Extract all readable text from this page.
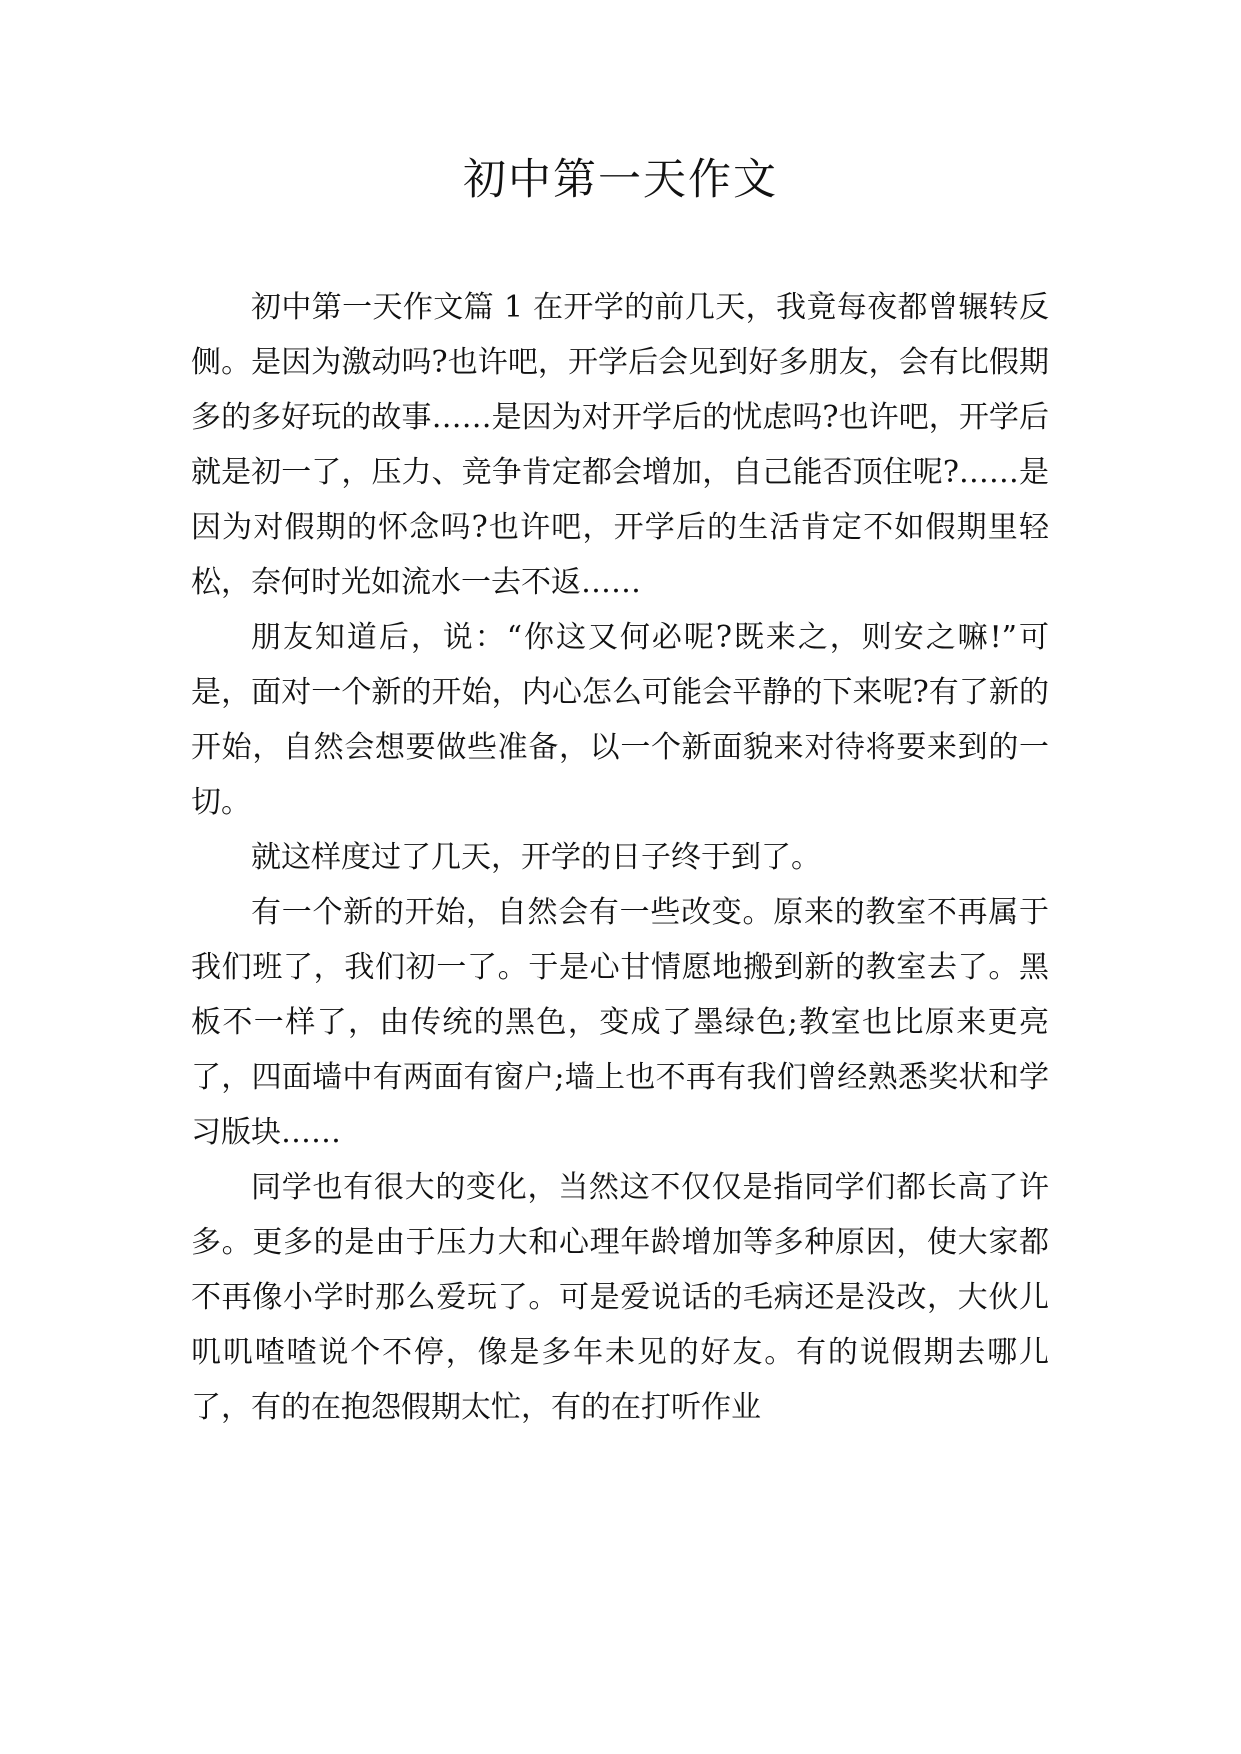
初中第一天作文

初中第一天作文篇 1 在开学的前几天，我竟每夜都曾辗转反侧。是因为激动吗?也许吧，开学后会见到好多朋友，会有比假期多的多好玩的故事……是因为对开学后的忧虑吗?也许吧，开学后就是初一了，压力、竞争肯定都会增加，自己能否顶住呢?……是因为对假期的怀念吗?也许吧，开学后的生活肯定不如假期里轻松，奈何时光如流水一去不返……

朋友知道后，说：“你这又何必呢?既来之，则安之嘛!”可是，面对一个新的开始，内心怎么可能会平静的下来呢?有了新的开始，自然会想要做些准备，以一个新面貌来对待将要来到的一切。

就这样度过了几天，开学的日子终于到了。

有一个新的开始，自然会有一些改变。原来的教室不再属于我们班了，我们初一了。于是心甘情愿地搬到新的教室去了。黑板不一样了，由传统的黑色，变成了墨绿色;教室也比原来更亮了，四面墙中有两面有窗户;墙上也不再有我们曾经熟悉奖状和学习版块……

同学也有很大的变化，当然这不仅仅是指同学们都长高了许多。更多的是由于压力大和心理年龄增加等多种原因，使大家都不再像小学时那么爱玩了。可是爱说话的毛病还是没改，大伙儿叽叽喳喳说个不停，像是多年未见的好友。有的说假期去哪儿了，有的在抱怨假期太忙，有的在打听作业
